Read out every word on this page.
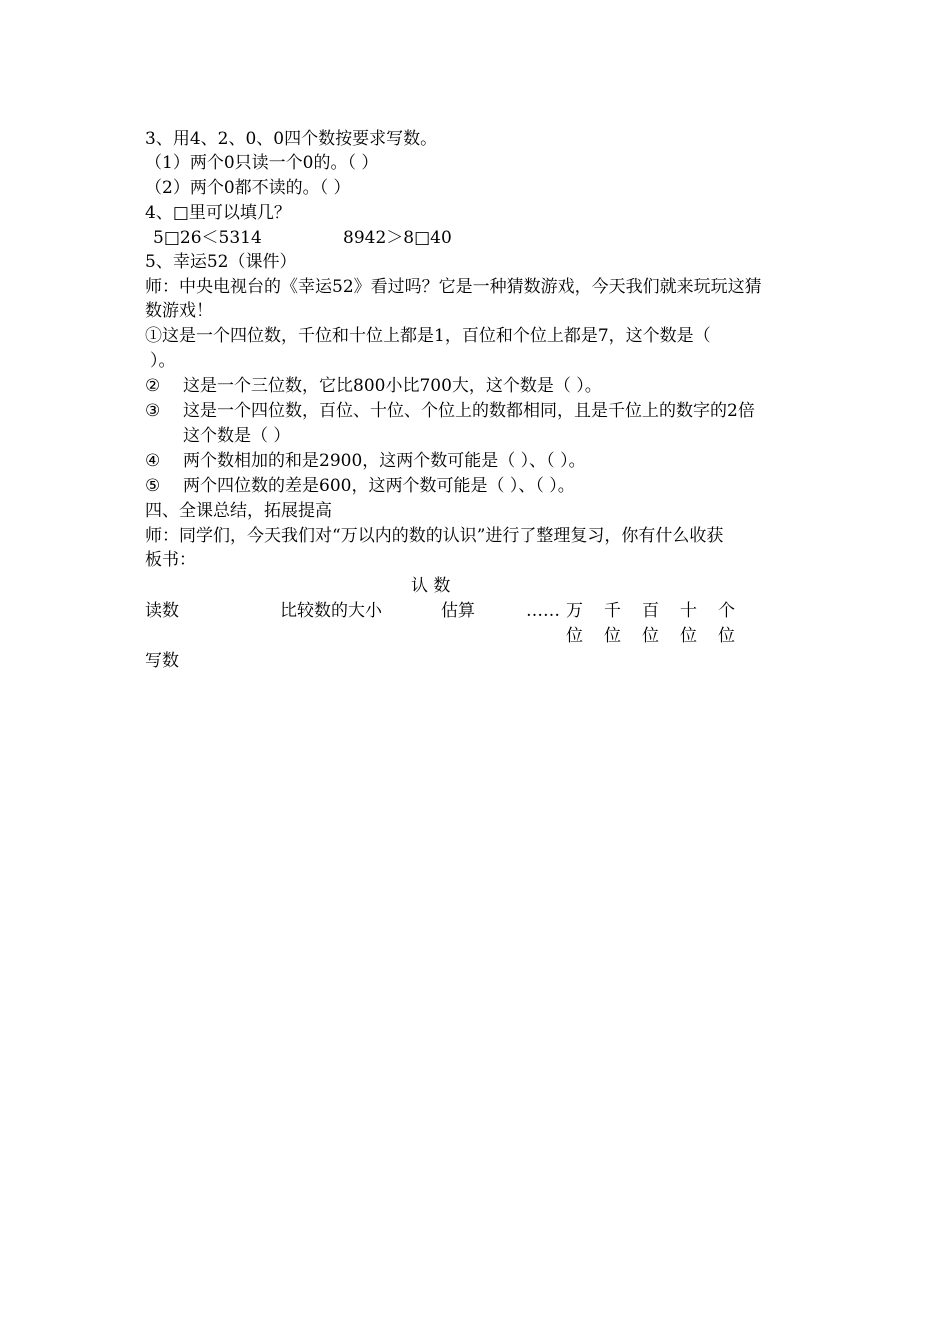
3、用4、2、0、0四个数按要求写数。
（1）两个0只读一个0的。（ ）
（2）两个0都不读的。（ ）
4、□里可以填几？
5□26＜5314	8942＞8□40
5、幸运52（课件）
师：中央电视台的《幸运52》看过吗？它是一种猜数游戏，今天我们就来玩玩这猜
数游戏！
①这是一个四位数，千位和十位上都是1，百位和个位上都是7，这个数是（
）。
② 这是一个三位数，它比800小比700大，这个数是（ ）。
③ 这是一个四位数，百位、十位、个位上的数都相同，且是千位上的数字的2倍
这个数是（ ）
④ 两个数相加的和是2900，这两个数可能是（ ）、（ ）。
⑤ 两个四位数的差是600，这两个数可能是（ ）、（ ）。
四、全课总结，拓展提高
师：同学们，今天我们对“万以内的数的认识”进行了整理复习，你有什么收获
板书：
认 数
读数	比较数的大小	估算	…… 万
位
千
位
百
位
十
位
个
位
写数
